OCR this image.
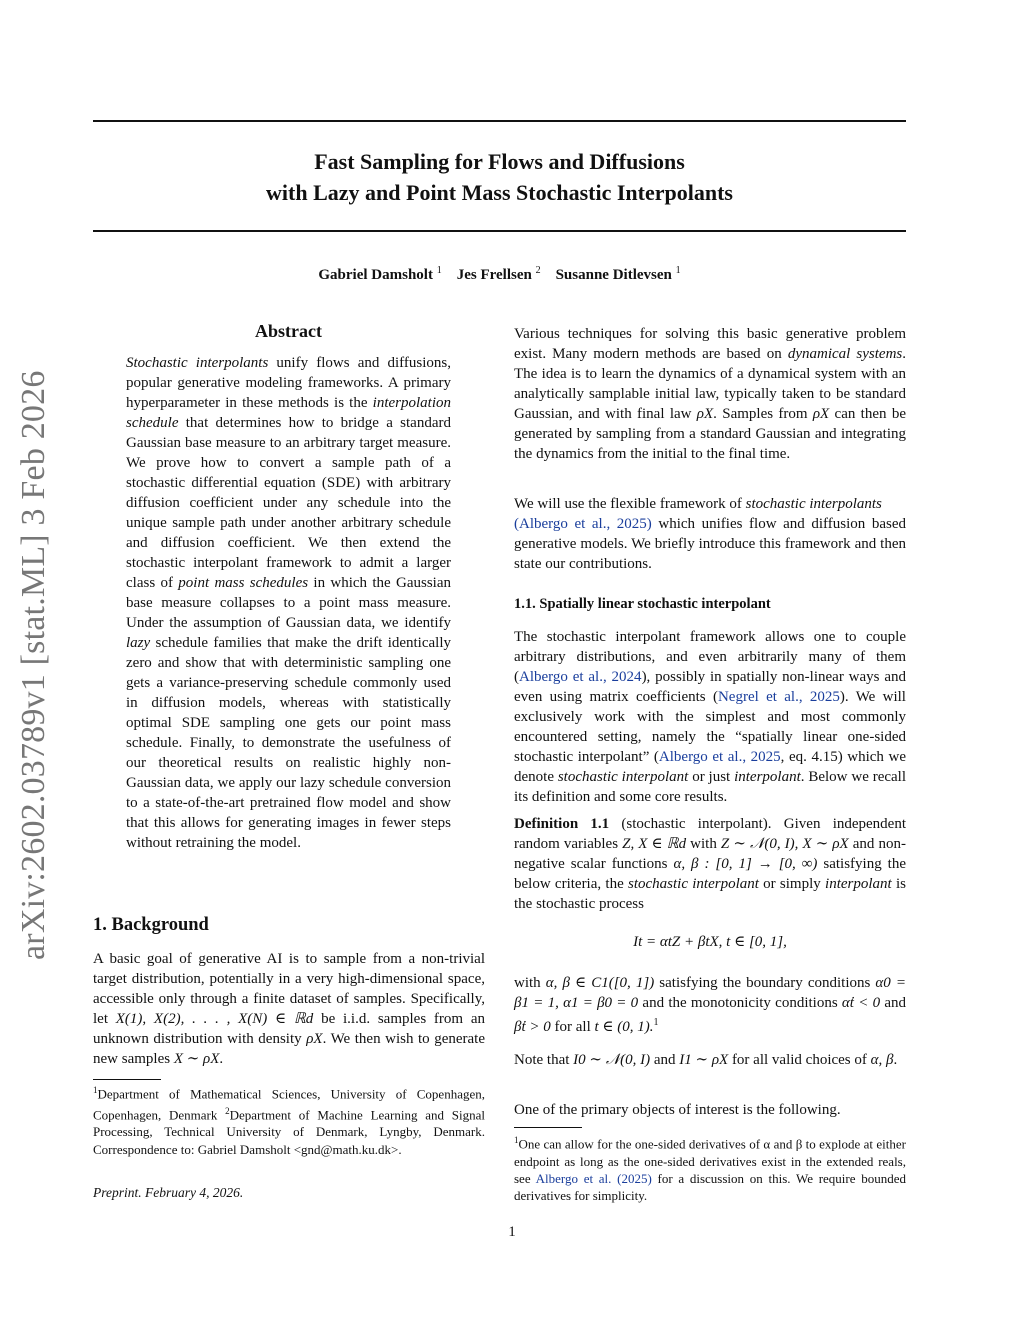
arXiv:2602.03789v1 [stat.ML] 3 Feb 2026
Fast Sampling for Flows and Diffusions
with Lazy and Point Mass Stochastic Interpolants
Gabriel Damsholt $^1$ Jes Frellsen $^2$ Susanne Ditlevsen $^1$
Abstract
Stochastic interpolants unify flows and diffusions, popular generative modeling frameworks. A primary hyperparameter in these methods is the interpolation schedule that determines how to bridge a standard Gaussian base measure to an arbitrary target measure. We prove how to convert a sample path of a stochastic differential equation (SDE) with arbitrary diffusion coefficient under any schedule into the unique sample path under another arbitrary schedule and diffusion coefficient. We then extend the stochastic interpolant framework to admit a larger class of point mass schedules in which the Gaussian base measure collapses to a point mass measure. Under the assumption of Gaussian data, we identify lazy schedule families that make the drift identically zero and show that with deterministic sampling one gets a variance-preserving schedule commonly used in diffusion models, whereas with statistically optimal SDE sampling one gets our point mass schedule. Finally, to demonstrate the usefulness of our theoretical results on realistic highly non-Gaussian data, we apply our lazy schedule conversion to a state-of-the-art pretrained flow model and show that this allows for generating images in fewer steps without retraining the model.
1. Background
A basic goal of generative AI is to sample from a non-trivial target distribution, potentially in a very high-dimensional space, accessible only through a finite dataset of samples. Specifically, let X(1), X(2), . . . , X(N) ∈ ℝd be i.i.d. samples from an unknown distribution with density ρX. We then wish to generate new samples X ∼ ρX.
$^1$Department of Mathematical Sciences, University of Copenhagen, Copenhagen, Denmark $^2$Department of Machine Learning and Signal Processing, Technical University of Denmark, Lyngby, Denmark. Correspondence to: Gabriel Damsholt <gnd@math.ku.dk>.
Preprint. February 4, 2026.
Various techniques for solving this basic generative problem exist. Many modern methods are based on dynamical systems. The idea is to learn the dynamics of a dynamical system with an analytically samplable initial law, typically taken to be standard Gaussian, and with final law ρX. Samples from ρX can then be generated by sampling from a standard Gaussian and integrating the dynamics from the initial to the final time.
We will use the flexible framework of stochastic interpolants
(Albergo et al., 2025) which unifies flow and diffusion based generative models. We briefly introduce this framework and then state our contributions.
1.1. Spatially linear stochastic interpolant
The stochastic interpolant framework allows one to couple arbitrary distributions, and even arbitrarily many of them (Albergo et al., 2024), possibly in spatially non-linear ways and even using matrix coefficients (Negrel et al., 2025). We will exclusively work with the simplest and most commonly encountered setting, namely the “spatially linear one-sided stochastic interpolant” (Albergo et al., 2025, eq. 4.15) which we denote stochastic interpolant or just interpolant. Below we recall its definition and some core results.
Definition 1.1 (stochastic interpolant). Given independent random variables Z, X ∈ ℝd with Z ∼ 𝒩(0, I), X ∼ ρX and non-negative scalar functions α, β : [0, 1] → [0, ∞) satisfying the below criteria, the stochastic interpolant or simply interpolant is the stochastic process
It = αtZ + βtX, t ∈ [0, 1],
with α, β ∈ C1([0, 1]) satisfying the boundary conditions α0 = β1 = 1, α1 = β0 = 0 and the monotonicity conditions α̇t < 0 and β̇t > 0 for all t ∈ (0, 1).$^1$
Note that I0 ∼ 𝒩(0, I) and I1 ∼ ρX for all valid choices of α, β.
One of the primary objects of interest is the following.
$^1$One can allow for the one-sided derivatives of α and β to explode at either endpoint as long as the one-sided derivatives exist in the extended reals, see Albergo et al. (2025) for a discussion on this. We require bounded derivatives for simplicity.
1
